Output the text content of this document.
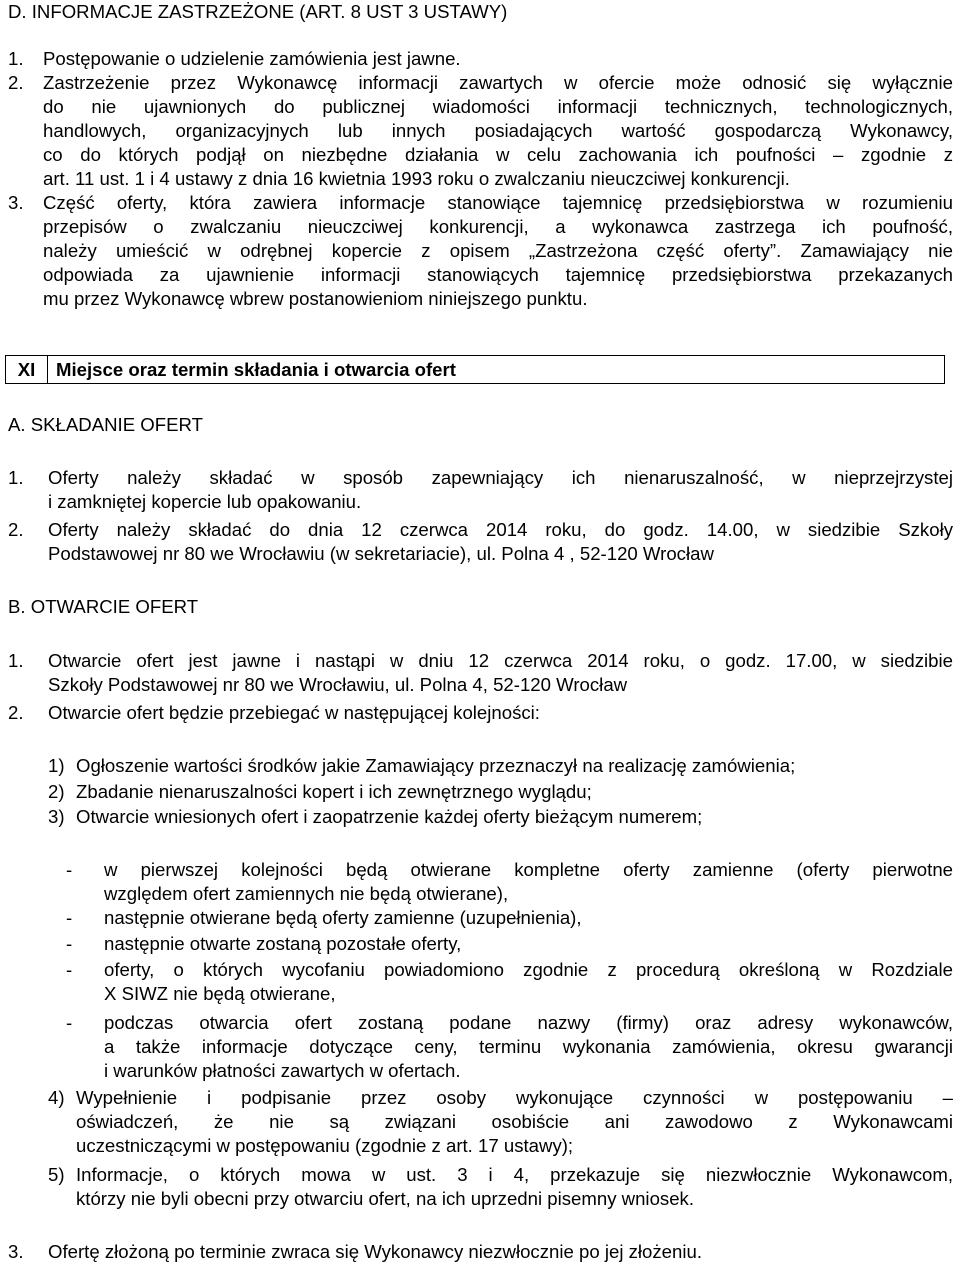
D. INFORMACJE ZASTRZEŻONE (ART. 8 UST 3 USTAWY)
1. Postępowanie o udzielenie zamówienia jest jawne.
2. Zastrzeżenie przez Wykonawcę informacji zawartych w ofercie może odnosić się wyłącznie
do nie ujawnionych do publicznej wiadomości informacji technicznych, technologicznych,
handlowych, organizacyjnych lub innych posiadających wartość gospodarczą Wykonawcy,
co do których podjął on niezbędne działania w celu zachowania ich poufności – zgodnie z
art. 11 ust. 1 i 4 ustawy z dnia 16 kwietnia 1993 roku o zwalczaniu nieuczciwej konkurencji.
3. Część oferty, która zawiera informacje stanowiące tajemnicę przedsiębiorstwa w rozumieniu
przepisów o zwalczaniu nieuczciwej konkurencji, a wykonawca zastrzega ich poufność,
należy umieścić w odrębnej kopercie z opisem „Zastrzeżona część oferty”. Zamawiający nie
odpowiada za ujawnienie informacji stanowiących tajemnicę przedsiębiorstwa przekazanych
mu przez Wykonawcę wbrew postanowieniom niniejszego punktu.
XI	Miejsce oraz termin składania i otwarcia ofert
A. SKŁADANIE OFERT
1. Oferty należy składać w sposób zapewniający ich nienaruszalność, w nieprzejrzystej
i zamkniętej kopercie lub opakowaniu.
2. Oferty należy składać do dnia 12 czerwca 2014 roku, do godz. 14.00, w siedzibie Szkoły
Podstawowej nr 80 we Wrocławiu (w sekretariacie), ul. Polna 4 , 52-120 Wrocław
B. OTWARCIE OFERT
1. Otwarcie ofert jest jawne i nastąpi w dniu 12 czerwca 2014 roku, o godz. 17.00, w siedzibie
Szkoły Podstawowej nr 80 we Wrocławiu, ul. Polna 4, 52-120 Wrocław
2. Otwarcie ofert będzie przebiegać w następującej kolejności:
1) Ogłoszenie wartości środków jakie Zamawiający przeznaczył na realizację zamówienia;
2) Zbadanie nienaruszalności kopert i ich zewnętrznego wyglądu;
3) Otwarcie wniesionych ofert i zaopatrzenie każdej oferty bieżącym numerem;
- w pierwszej kolejności będą otwierane kompletne oferty zamienne (oferty pierwotne
względem ofert zamiennych nie będą otwierane),
- następnie otwierane będą oferty zamienne (uzupełnienia),
- następnie otwarte zostaną pozostałe oferty,
- oferty, o których wycofaniu powiadomiono zgodnie z procedurą określoną w Rozdziale
X SIWZ nie będą otwierane,
- podczas otwarcia ofert zostaną podane nazwy (firmy) oraz adresy wykonawców,
a także informacje dotyczące ceny, terminu wykonania zamówienia, okresu gwarancji
i warunków płatności zawartych w ofertach.
4) Wypełnienie i podpisanie przez osoby wykonujące czynności w postępowaniu –
oświadczeń, że nie są związani osobiście ani zawodowo z Wykonawcami
uczestniczącymi w postępowaniu (zgodnie z art. 17 ustawy);
5) Informacje, o których mowa w ust. 3 i 4, przekazuje się niezwłocznie Wykonawcom,
którzy nie byli obecni przy otwarciu ofert, na ich uprzedni pisemny wniosek.
3. Ofertę złożoną po terminie zwraca się Wykonawcy niezwłocznie po jej złożeniu.
